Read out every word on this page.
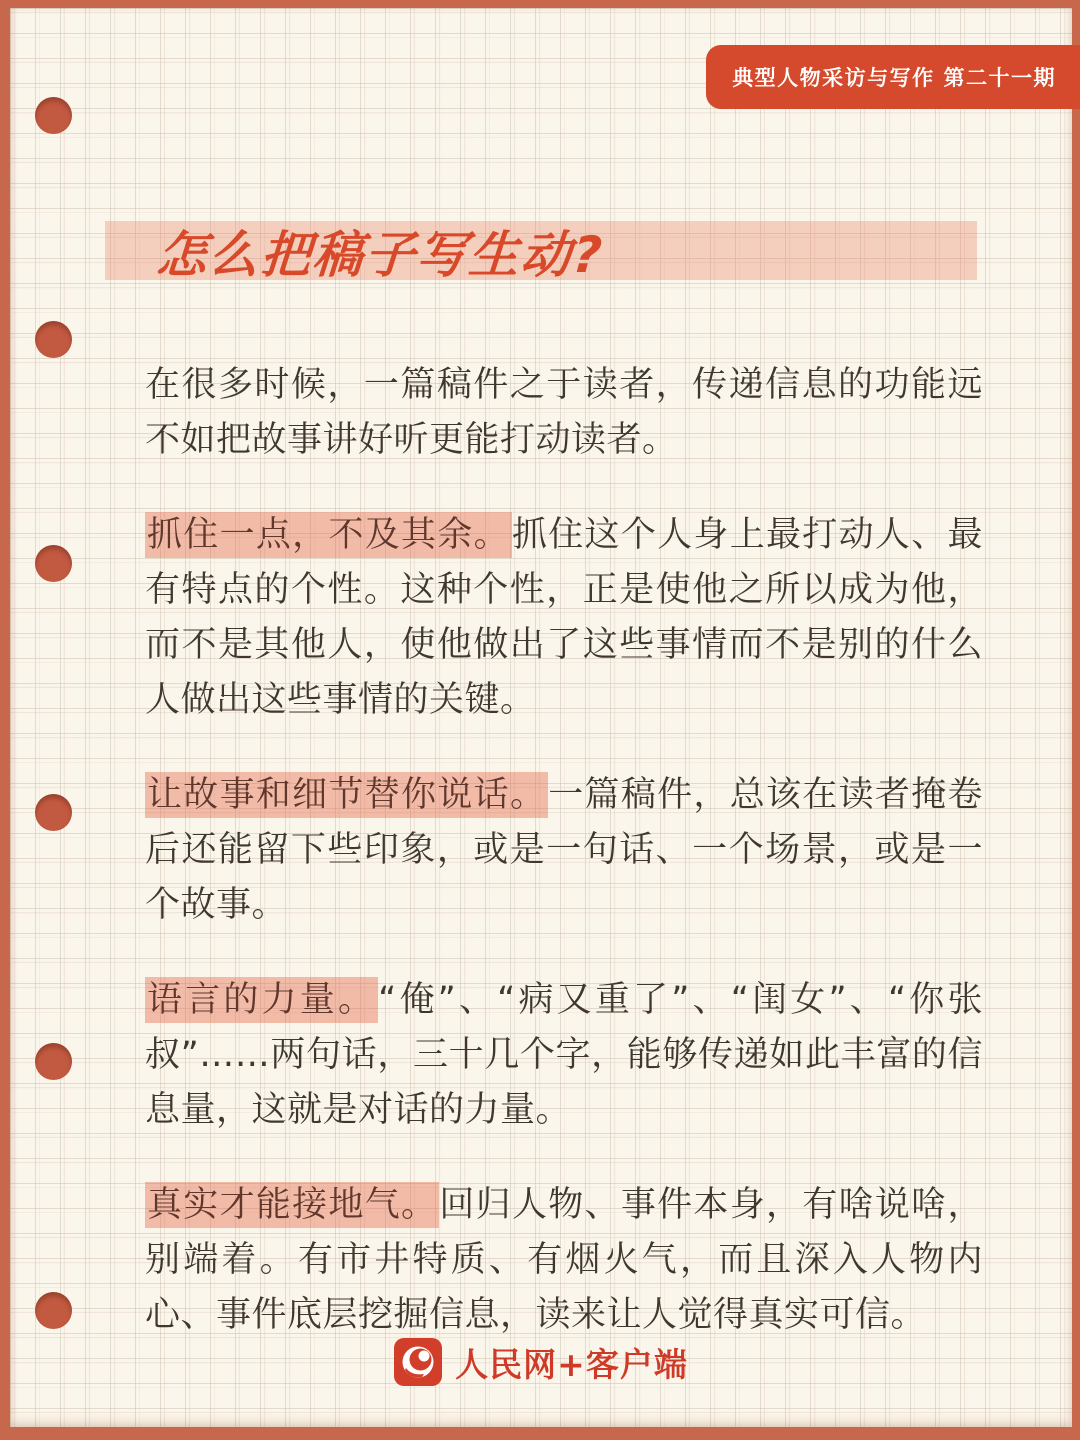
典型人物采访与写作 第二十一期
怎么把稿子写生动?

在很多时候，一篇稿件之于读者，传递信息的功能远不如把故事讲好听更能打动读者。

抓住一点，不及其余。抓住这个人身上最打动人、最有特点的个性。这种个性，正是使他之所以成为他，而不是其他人，使他做出了这些事情而不是别的什么人做出这些事情的关键。

让故事和细节替你说话。一篇稿件，总该在读者掩卷后还能留下些印象，或是一句话、一个场景，或是一个故事。

语言的力量。“俺”、“病又重了”、“闺女”、“你张叔”……两句话，三十几个字，能够传递如此丰富的信息量，这就是对话的力量。

真实才能接地气。回归人物、事件本身，有啥说啥，别端着。有市井特质、有烟火气，而且深入人物内心、事件底层挖掘信息，读来让人觉得真实可信。

人民网+客户端
